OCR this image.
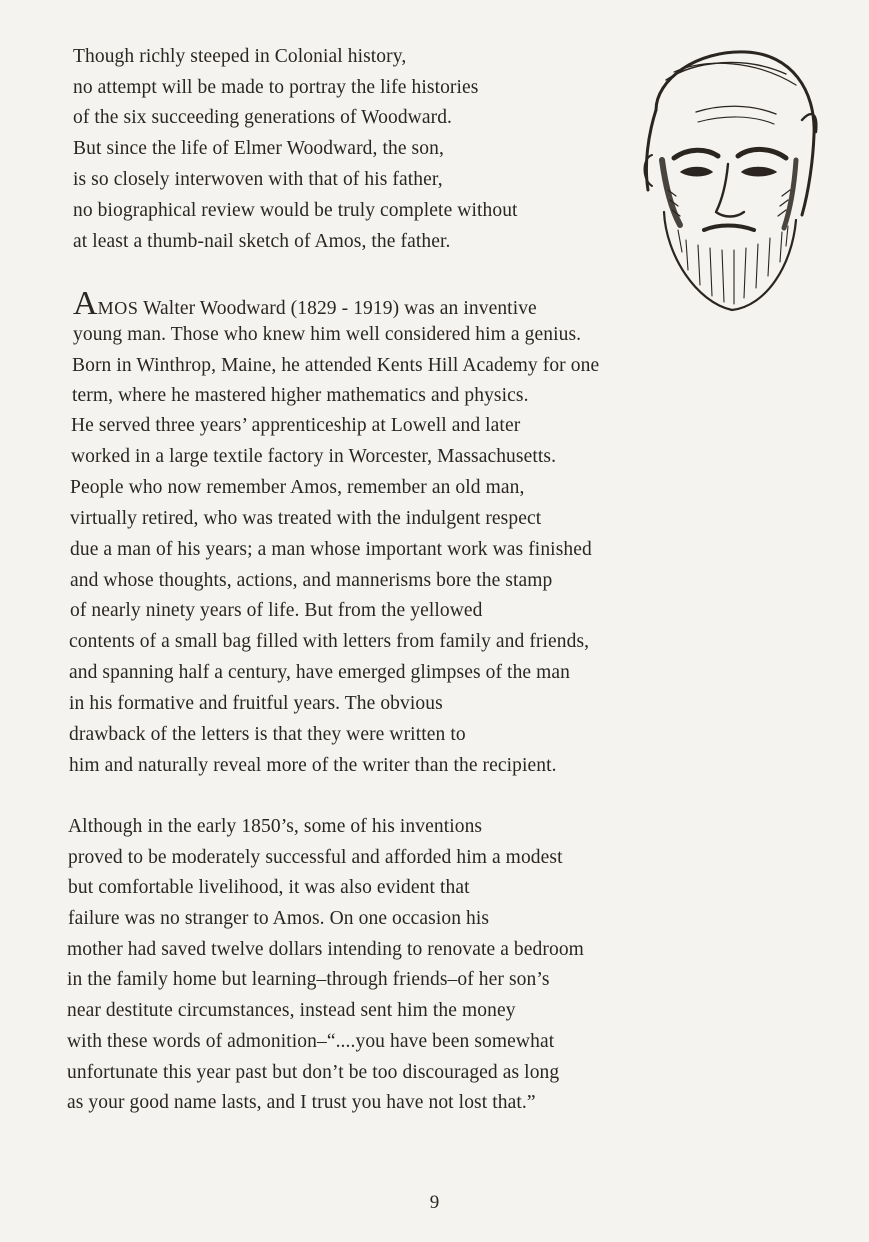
Though richly steeped in Colonial history,
no attempt will be made to portray the life histories
of the six succeeding generations of Woodward.
But since the life of Elmer Woodward, the son,
is so closely interwoven with that of his father,
no biographical review would be truly complete without
at least a thumb-nail sketch of Amos, the father.
AMOS Walter Woodward (1829 - 1919) was an inventive
young man. Those who knew him well considered him a genius.
Born in Winthrop, Maine, he attended Kents Hill Academy for one
term, where he mastered higher mathematics and physics.
He served three years’ apprenticeship at Lowell and later
worked in a large textile factory in Worcester, Massachusetts.
People who now remember Amos, remember an old man,
virtually retired, who was treated with the indulgent respect
due a man of his years; a man whose important work was finished
and whose thoughts, actions, and mannerisms bore the stamp
of nearly ninety years of life. But from the yellowed
contents of a small bag filled with letters from family and friends,
and spanning half a century, have emerged glimpses of the man
in his formative and fruitful years. The obvious
drawback of the letters is that they were written to
him and naturally reveal more of the writer than the recipient.
Although in the early 1850’s, some of his inventions
proved to be moderately successful and afforded him a modest
but comfortable livelihood, it was also evident that
failure was no stranger to Amos. On one occasion his
mother had saved twelve dollars intending to renovate a bedroom
in the family home but learning–through friends–of her son’s
near destitute circumstances, instead sent him the money
with these words of admonition–“....you have been somewhat
unfortunate this year past but don’t be too discouraged as long
as your good name lasts, and I trust you have not lost that.”
9
